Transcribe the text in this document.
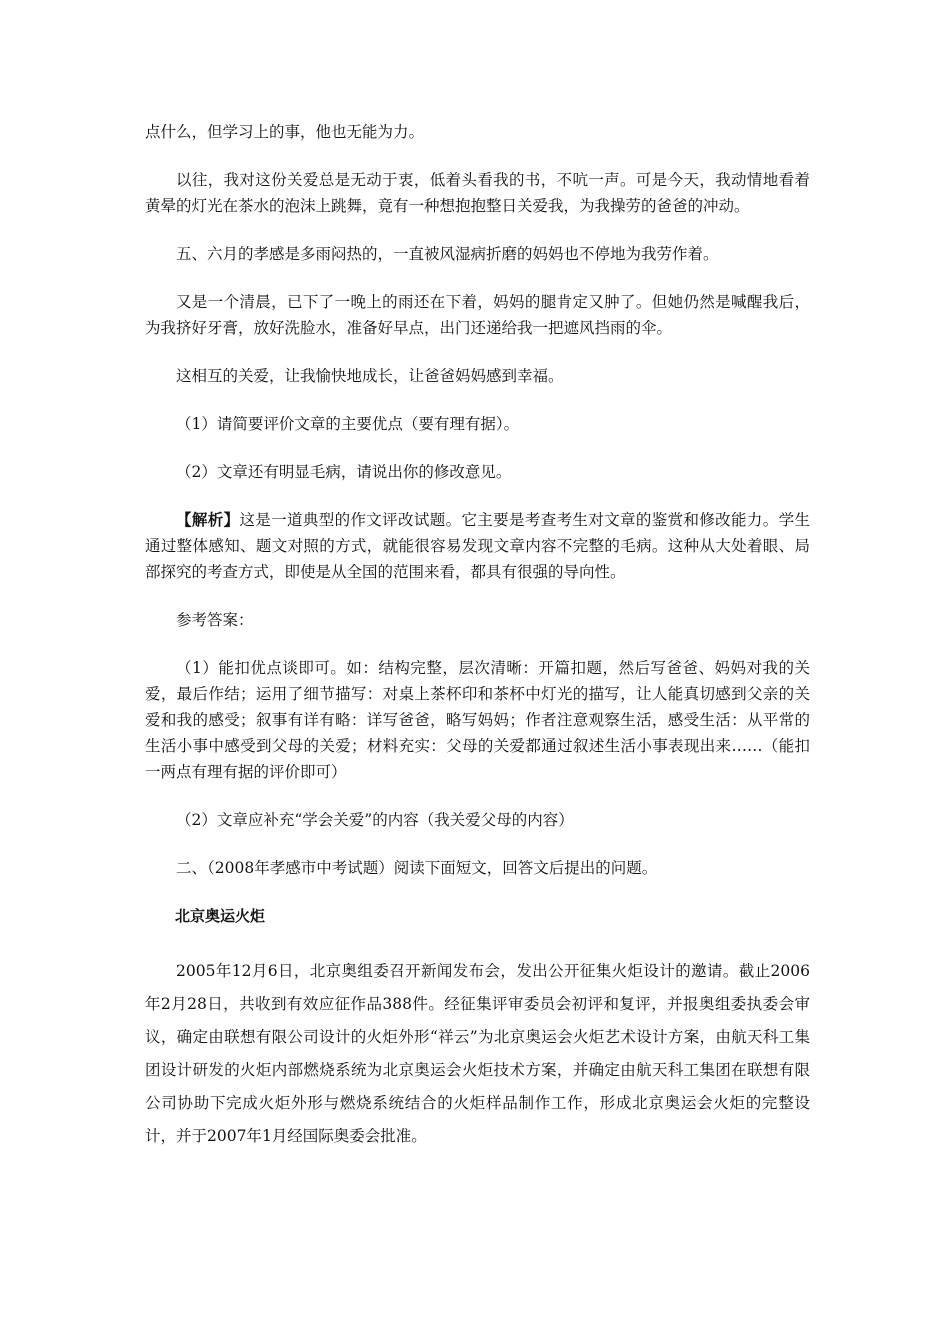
点什么，但学习上的事，他也无能为力。

以往，我对这份关爱总是无动于衷，低着头看我的书，不吭一声。可是今天，我动情地看着黄晕的灯光在茶水的泡沫上跳舞，竟有一种想抱抱整日关爱我，为我操劳的爸爸的冲动。

五、六月的孝感是多雨闷热的，一直被风湿病折磨的妈妈也不停地为我劳作着。

又是一个清晨，已下了一晚上的雨还在下着，妈妈的腿肯定又肿了。但她仍然是喊醒我后，为我挤好牙膏，放好洗脸水，准备好早点，出门还递给我一把遮风挡雨的伞。

这相互的关爱，让我愉快地成长，让爸爸妈妈感到幸福。

（1）请简要评价文章的主要优点（要有理有据）。

（2）文章还有明显毛病，请说出你的修改意见。

【解析】这是一道典型的作文评改试题。它主要是考查考生对文章的鉴赏和修改能力。学生通过整体感知、题文对照的方式，就能很容易发现文章内容不完整的毛病。这种从大处着眼、局部探究的考查方式，即使是从全国的范围来看，都具有很强的导向性。

参考答案：

（1）能扣优点谈即可。如：结构完整，层次清晰：开篇扣题，然后写爸爸、妈妈对我的关爱，最后作结；运用了细节描写：对桌上茶杯印和茶杯中灯光的描写，让人能真切感到父亲的关爱和我的感受；叙事有详有略：详写爸爸，略写妈妈；作者注意观察生活，感受生活：从平常的生活小事中感受到父母的关爱；材料充实：父母的关爱都通过叙述生活小事表现出来……（能扣一两点有理有据的评价即可）

（2）文章应补充“学会关爱”的内容（我关爱父母的内容）

二、（2008年孝感市中考试题）阅读下面短文，回答文后提出的问题。

北京奥运火炬

2005年12月6日，北京奥组委召开新闻发布会，发出公开征集火炬设计的邀请。截止2006年2月28日，共收到有效应征作品388件。经征集评审委员会初评和复评，并报奥组委执委会审议，确定由联想有限公司设计的火炬外形“祥云”为北京奥运会火炬艺术设计方案，由航天科工集团设计研发的火炬内部燃烧系统为北京奥运会火炬技术方案，并确定由航天科工集团在联想有限公司协助下完成火炬外形与燃烧系统结合的火炬样品制作工作，形成北京奥运会火炬的完整设计，并于2007年1月经国际奥委会批准。
